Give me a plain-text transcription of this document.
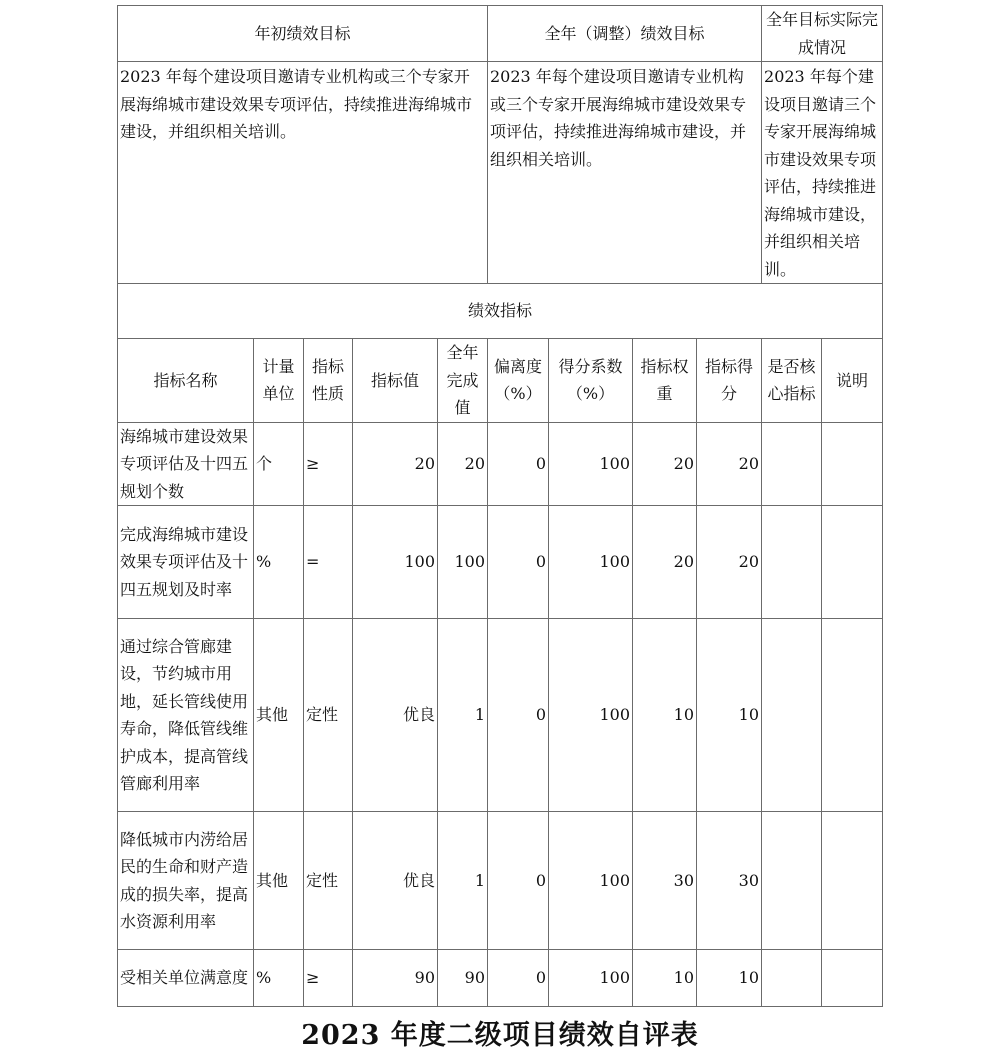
年初绩效目标					全年（调整）绩效目标				全年目标实际完成情况	
2023 年每个建设项目邀请专业机构或三个专家开展海绵城市建设效果专项评估，持续推进海绵城市建设，并组织相关培训。					2023 年每个建设项目邀请专业机构或三个专家开展海绵城市建设效果专项评估，持续推进海绵城市建设，并组织相关培训。				2023 年每个建设项目邀请三个专家开展海绵城市建设效果专项评估，持续推进海绵城市建设，并组织相关培训。	
绩效指标										
指标名称	计量单位	指标性质	指标值	全年完成值	偏离度（%）	得分系数（%）	指标权重	指标得分	是否核心指标	说明
海绵城市建设效果专项评估及十四五规划个数	个	≥	20	20	0	100	20	20		
完成海绵城市建设效果专项评估及十四五规划及时率	%	=	100	100	0	100	20	20		
通过综合管廊建设，节约城市用地，延长管线使用寿命，降低管线维护成本，提高管线管廊利用率	其他	定性	优良	1	0	100	10	10		
降低城市内涝给居民的生命和财产造成的损失率，提高水资源利用率	其他	定性	优良	1	0	100	30	30		
受相关单位满意度	%	≥	90	90	0	100	10	10		
2023 年度二级项目绩效自评表
